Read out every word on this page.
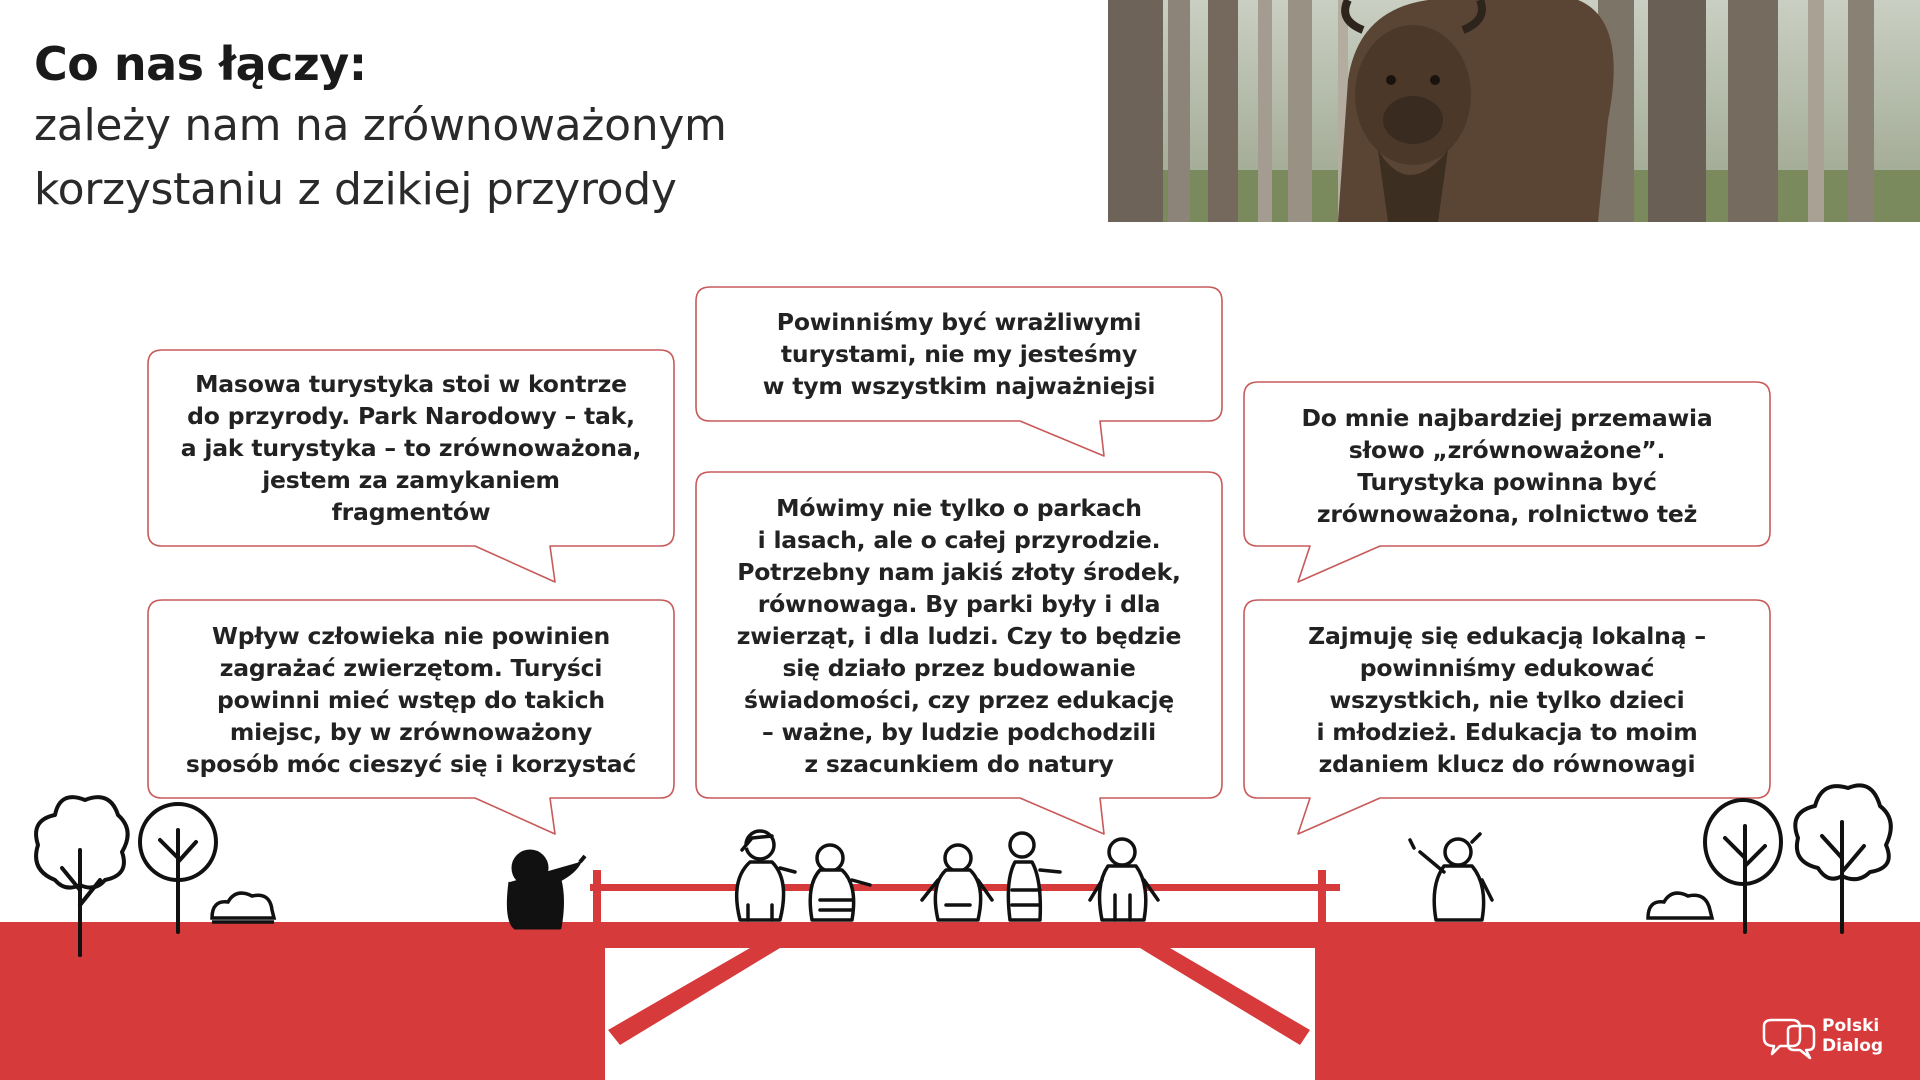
Co nas łączy:
zależy nam na zrównoważonym
korzystaniu z dzikiej przyrody
Masowa turystyka stoi w kontrze
do przyrody. Park Narodowy – tak,
a jak turystyka – to zrównoważona,
jestem za zamykaniem
fragmentów
Wpływ człowieka nie powinien
zagrażać zwierzętom. Turyści
powinni mieć wstęp do takich
miejsc, by w zrównoważony
sposób móc cieszyć się i korzystać
Powinniśmy być wrażliwymi
turystami, nie my jesteśmy
w tym wszystkim najważniejsi
Mówimy nie tylko o parkach
i lasach, ale o całej przyrodzie.
Potrzebny nam jakiś złoty środek,
równowaga. By parki były i dla
zwierząt, i dla ludzi. Czy to będzie
się działo przez budowanie
świadomości, czy przez edukację
– ważne, by ludzie podchodzili
z szacunkiem do natury
Do mnie najbardziej przemawia
słowo „zrównoważone”.
Turystyka powinna być
zrównoważona, rolnictwo też
Zajmuję się edukacją lokalną –
powinniśmy edukować
wszystkich, nie tylko dzieci
i młodzież. Edukacja to moim
zdaniem klucz do równowagi
Polski
Dialog
